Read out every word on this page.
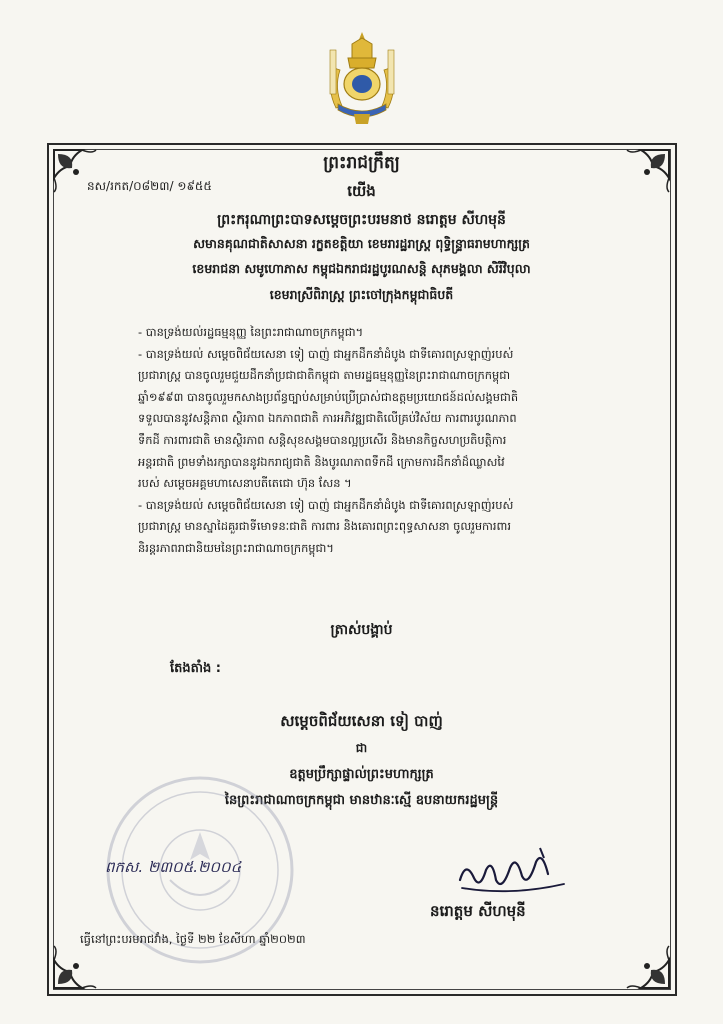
ព្រះរាជក្រឹត្យ
នស/រកត/០៨២៣/ ១៩៥៥	យើង
ព្រះករុណាព្រះបាទសម្តេចព្រះបរមនាថ នរោត្តម សីហមុនី
សមានគុណជាតិសាសនា រក្ខតខត្តិយា ខេមរារដ្ឋរាស្ត្រ ពុទ្ធិន្ទ្រាធរាមហាក្សត្រ
ខេមរាជនា សមូហោភាស កម្ពុជឯករាជរដ្ឋបូរណសន្តិ សុភមង្គលា សិរីវិបុលា
ខេមរាស្រីពិរាស្ត្រ ព្រះចៅក្រុងកម្ពុជាធិបតី
- បានទ្រង់យល់រដ្ឋធម្មនុញ្ញ នៃព្រះរាជាណាចក្រកម្ពុជា។
- បានទ្រង់យល់ សម្តេចពិជ័យសេនា ទៀ បាញ់ ជាអ្នកដឹកនាំដំបូង ជាទីគោរពស្រឡាញ់របស់
ប្រជារាស្ត្រ បានចូលរួមជួយដឹកនាំប្រជាជាតិកម្ពុជា តាមរដ្ឋធម្មនុញ្ញនៃព្រះរាជាណាចក្រកម្ពុជា
ឆ្នាំ១៩៩៣ បានចូលរួមកសាងប្រព័ន្ធច្បាប់សម្រាប់ប្រើប្រាស់ជាឧត្តមប្រយោជន៍ដល់សង្គមជាតិ
ទទួលបាននូវសន្តិភាព ស្ថិរភាព ឯកភាពជាតិ ការអភិវឌ្ឍជាតិលើគ្រប់វិស័យ ការពារបូរណភាព
ទឹកដី ការពារជាតិ មានស្ថិរភាព សន្តិសុខសង្គមបានល្អប្រសើរ និងមានកិច្ចសហប្រតិបត្តិការ
អន្តរជាតិ ព្រមទាំងរក្សាបាននូវឯករាជ្យជាតិ និងបូរណភាពទឹកដី ក្រោមការដឹកនាំដ៏ឈ្លាសវៃ
របស់ សម្តេចអគ្គមហាសេនាបតីតេជោ ហ៊ុន សែន ។
- បានទ្រង់យល់ សម្តេចពិជ័យសេនា ទៀ បាញ់ ជាអ្នកដឹកនាំដំបូង ជាទីគោរពស្រឡាញ់របស់
ប្រជារាស្ត្រ មានស្នាដៃគួរជាទីមោទនៈជាតិ ការពារ និងគោរពព្រះពុទ្ធសាសនា ចូលរួមការពារ
និរន្តរភាពរាជានិយមនៃព្រះរាជាណាចក្រកម្ពុជា។
ត្រាស់បង្គាប់
តែងតាំង :
សម្តេចពិជ័យសេនា ទៀ បាញ់
ជា
ឧត្តមប្រឹក្សាផ្ទាល់ព្រះមហាក្សត្រ
នៃព្រះរាជាណាចក្រកម្ពុជា មានឋានៈស្មើ ឧបនាយករដ្ឋមន្ត្រី
ពកស. ២៣០៥.២០០៤
នរោត្តម សីហមុនី
ធ្វើនៅព្រះបរមរាជវាំង, ថ្ងៃទី ២២ ខែសីហា ឆ្នាំ២០២៣
